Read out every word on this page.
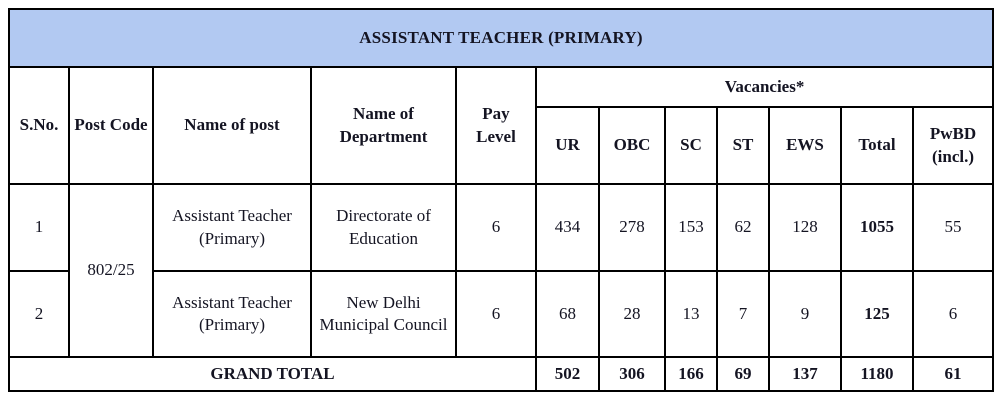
ASSISTANT TEACHER (PRIMARY)											
S.No.	Post Code	Name of post	Name of Department	Pay Level	Vacancies*						
					UR	OBC	SC	ST	EWS	Total	PwBD (incl.)
1	802/25	Assistant Teacher (Primary)	Directorate of Education	6	434	278	153	62	128	1055	55
2		Assistant Teacher (Primary)	New Delhi Municipal Council	6	68	28	13	7	9	125	6
GRAND TOTAL					502	306	166	69	137	1180	61
